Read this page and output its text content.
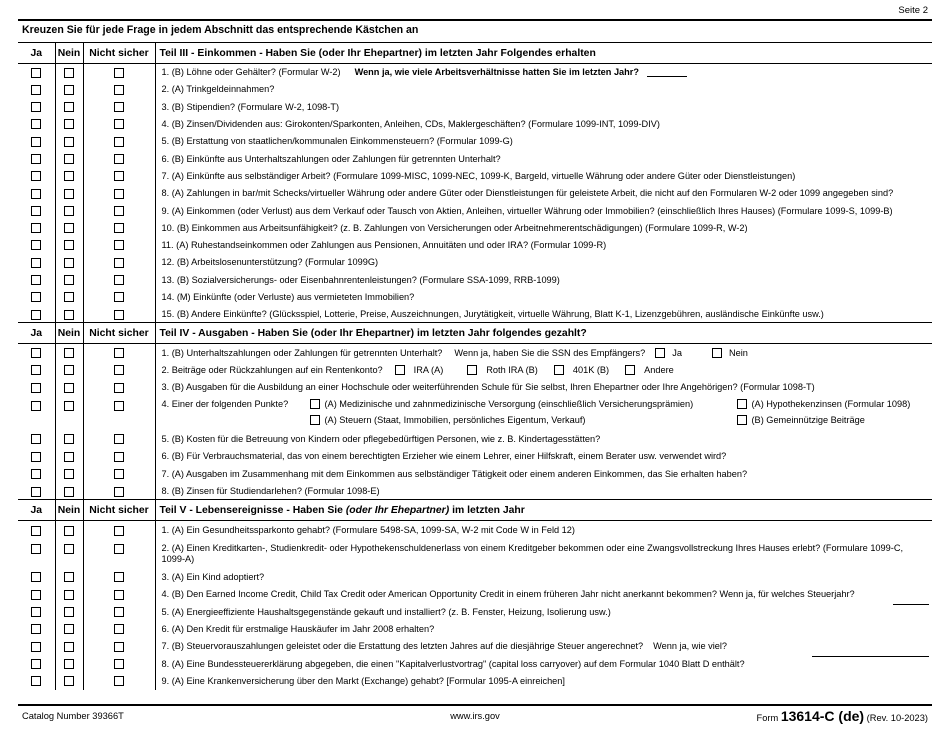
Seite 2
Kreuzen Sie für jede Frage in jedem Abschnitt das entsprechende Kästchen an
Ja	Nein	Nicht sicher	Teil III - Einkommen - Haben Sie (oder Ihr Ehepartner) im letzten Jahr Folgendes erhalten
			1. (B) Löhne oder Gehälter? (Formular W-2) Wenn ja, wie viele Arbeitsverhältnisse hatten Sie im letzten Jahr?
			2. (A) Trinkgeldeinnahmen?
			3. (B) Stipendien? (Formulare W-2, 1098-T)
			4. (B) Zinsen/Dividenden aus: Girokonten/Sparkonten, Anleihen, CDs, Maklergeschäften? (Formulare 1099-INT, 1099-DIV)
			5. (B) Erstattung von staatlichen/kommunalen Einkommensteuern? (Formular 1099-G)
			6. (B) Einkünfte aus Unterhaltszahlungen oder Zahlungen für getrennten Unterhalt?
			7. (A) Einkünfte aus selbständiger Arbeit? (Formulare 1099-MISC, 1099-NEC, 1099-K, Bargeld, virtuelle Währung oder andere Güter oder Dienstleistungen)
			8. (A) Zahlungen in bar/mit Schecks/virtueller Währung oder andere Güter oder Dienstleistungen für geleistete Arbeit, die nicht auf den Formularen W-2 oder 1099 angegeben sind?
			9. (A) Einkommen (oder Verlust) aus dem Verkauf oder Tausch von Aktien, Anleihen, virtueller Währung oder Immobilien? (einschließlich Ihres Hauses) (Formulare 1099-S, 1099-B)
			10. (B) Einkommen aus Arbeitsunfähigkeit? (z. B. Zahlungen von Versicherungen oder Arbeitnehmerentschädigungen) (Formulare 1099-R, W-2)
			11. (A) Ruhestandseinkommen oder Zahlungen aus Pensionen, Annuitäten und oder IRA? (Formular 1099-R)
			12. (B) Arbeitslosenunterstützung? (Formular 1099G)
			13. (B) Sozialversicherungs- oder Eisenbahnrentenleistungen? (Formulare SSA-1099, RRB-1099)
			14. (M) Einkünfte (oder Verluste) aus vermieteten Immobilien?
			15. (B) Andere Einkünfte? (Glücksspiel, Lotterie, Preise, Auszeichnungen, Jurytätigkeit, virtuelle Währung, Blatt K-1, Lizenzgebühren, ausländische Einkünfte usw.)
Ja	Nein	Nicht sicher	Teil IV - Ausgaben - Haben Sie (oder Ihr Ehepartner) im letzten Jahr folgendes gezahlt?
			1. (B) Unterhaltszahlungen oder Zahlungen für getrennten Unterhalt? Wenn ja, haben Sie die SSN des Empfängers? Ja Nein
			2. Beiträge oder Rückzahlungen auf ein Rentenkonto? IRA (A) Roth IRA (B) 401K (B) Andere
			3. (B) Ausgaben für die Ausbildung an einer Hochschule oder weiterführenden Schule für Sie selbst, Ihren Ehepartner oder Ihre Angehörigen? (Formular 1098-T)

			4. Einer der folgenden Punkte? (A) Medizinische und zahnmedizinische Versorgung (einschließlich Versicherungsprämien) (A) Hypothekenzinsen (Formular 1098)
(A) Steuern (Staat, Immobilien, persönliches Eigentum, Verkauf) (B) Gemeinnützige Beiträge

			5. (B) Kosten für die Betreuung von Kindern oder pflegebedürftigen Personen, wie z. B. Kindertagesstätten?
			6. (B) Für Verbrauchsmaterial, das von einem berechtigten Erzieher wie einem Lehrer, einer Hilfskraft, einem Berater usw. verwendet wird?
			7. (A) Ausgaben im Zusammenhang mit dem Einkommen aus selbständiger Tätigkeit oder einem anderen Einkommen, das Sie erhalten haben?
			8. (B) Zinsen für Studiendarlehen? (Formular 1098-E)
Ja	Nein	Nicht sicher	Teil V - Lebensereignisse - Haben Sie (oder Ihr Ehepartner) im letzten Jahr
			1. (A) Ein Gesundheitssparkonto gehabt? (Formulare 5498-SA, 1099-SA, W-2 mit Code W in Feld 12)
			2. (A) Einen Kreditkarten-, Studienkredit- oder Hypothekenschuldenerlass von einem Kreditgeber bekommen oder eine Zwangsvollstreckung Ihres Hauses erlebt? (Formulare 1099-C, 1099-A)
			3. (A) Ein Kind adoptiert?
			4. (B) Den Earned Income Credit, Child Tax Credit oder American Opportunity Credit in einem früheren Jahr nicht anerkannt bekommen? Wenn ja, für welches Steuerjahr?
			5. (A) Energieeffiziente Haushaltsgegenstände gekauft und installiert? (z. B. Fenster, Heizung, Isolierung usw.)
			6. (A) Den Kredit für erstmalige Hauskäufer im Jahr 2008 erhalten?
			7. (B) Steuervorauszahlungen geleistet oder die Erstattung des letzten Jahres auf die diesjährige Steuer angerechnet? Wenn ja, wie viel?
			8. (A) Eine Bundessteuererklärung abgegeben, die einen "Kapitalverlustvortrag" (capital loss carryover) auf dem Formular 1040 Blatt D enthält?
			9. (A) Eine Krankenversicherung über den Markt (Exchange) gehabt? [Formular 1095-A einreichen]
Catalog Number 39366T	www.irs.gov	Form 13614-C (de) (Rev. 10-2023)
